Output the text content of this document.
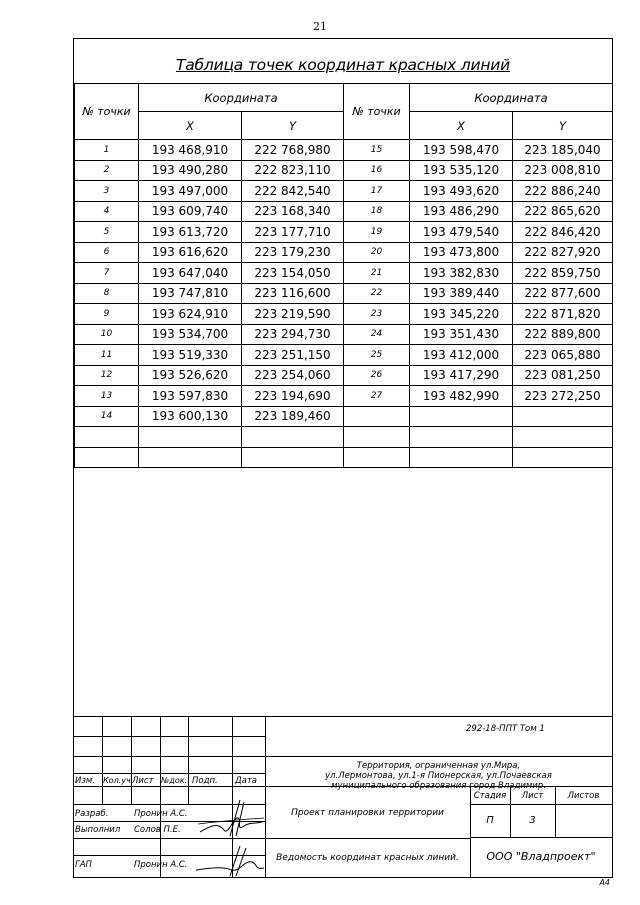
21
Таблица точек координат красных линий
№ точки	Координата		№ точки	Координата	
	X	Y		X	Y
1	193 468,910	222 768,980	15	193 598,470	223 185,040
2	193 490,280	222 823,110	16	193 535,120	223 008,810
3	193 497,000	222 842,540	17	193 493,620	222 886,240
4	193 609,740	223 168,340	18	193 486,290	222 865,620
5	193 613,720	223 177,710	19	193 479,540	222 846,420
6	193 616,620	223 179,230	20	193 473,800	222 827,920
7	193 647,040	223 154,050	21	193 382,830	222 859,750
8	193 747,810	223 116,600	22	193 389,440	222 877,600
9	193 624,910	223 219,590	23	193 345,220	222 871,820
10	193 534,700	223 294,730	24	193 351,430	222 889,800
11	193 519,330	223 251,150	25	193 412,000	223 065,880
12	193 526,620	223 254,060	26	193 417,290	223 081,250
13	193 597,830	223 194,690	27	193 482,990	223 272,250
14	193 600,130	223 189,460			

292-18-ППТ Том 1
Территория, ограниченная ул.Мира,
ул.Лермонтова, ул.1-я Пионерская, ул.Почаевская
муниципального образования город Владимир.
Изм. Кол.уч.
Лист №док. Подп. Дата
Разраб.
Выполнил
ГАП
Пронин А.С.
Солов П.Е.
Пронин А.С.
Проект планировки территории
Стадия	Лист	Листов
П	3
Ведомость координат красных линий.	ООО "Владпроект"
А4
